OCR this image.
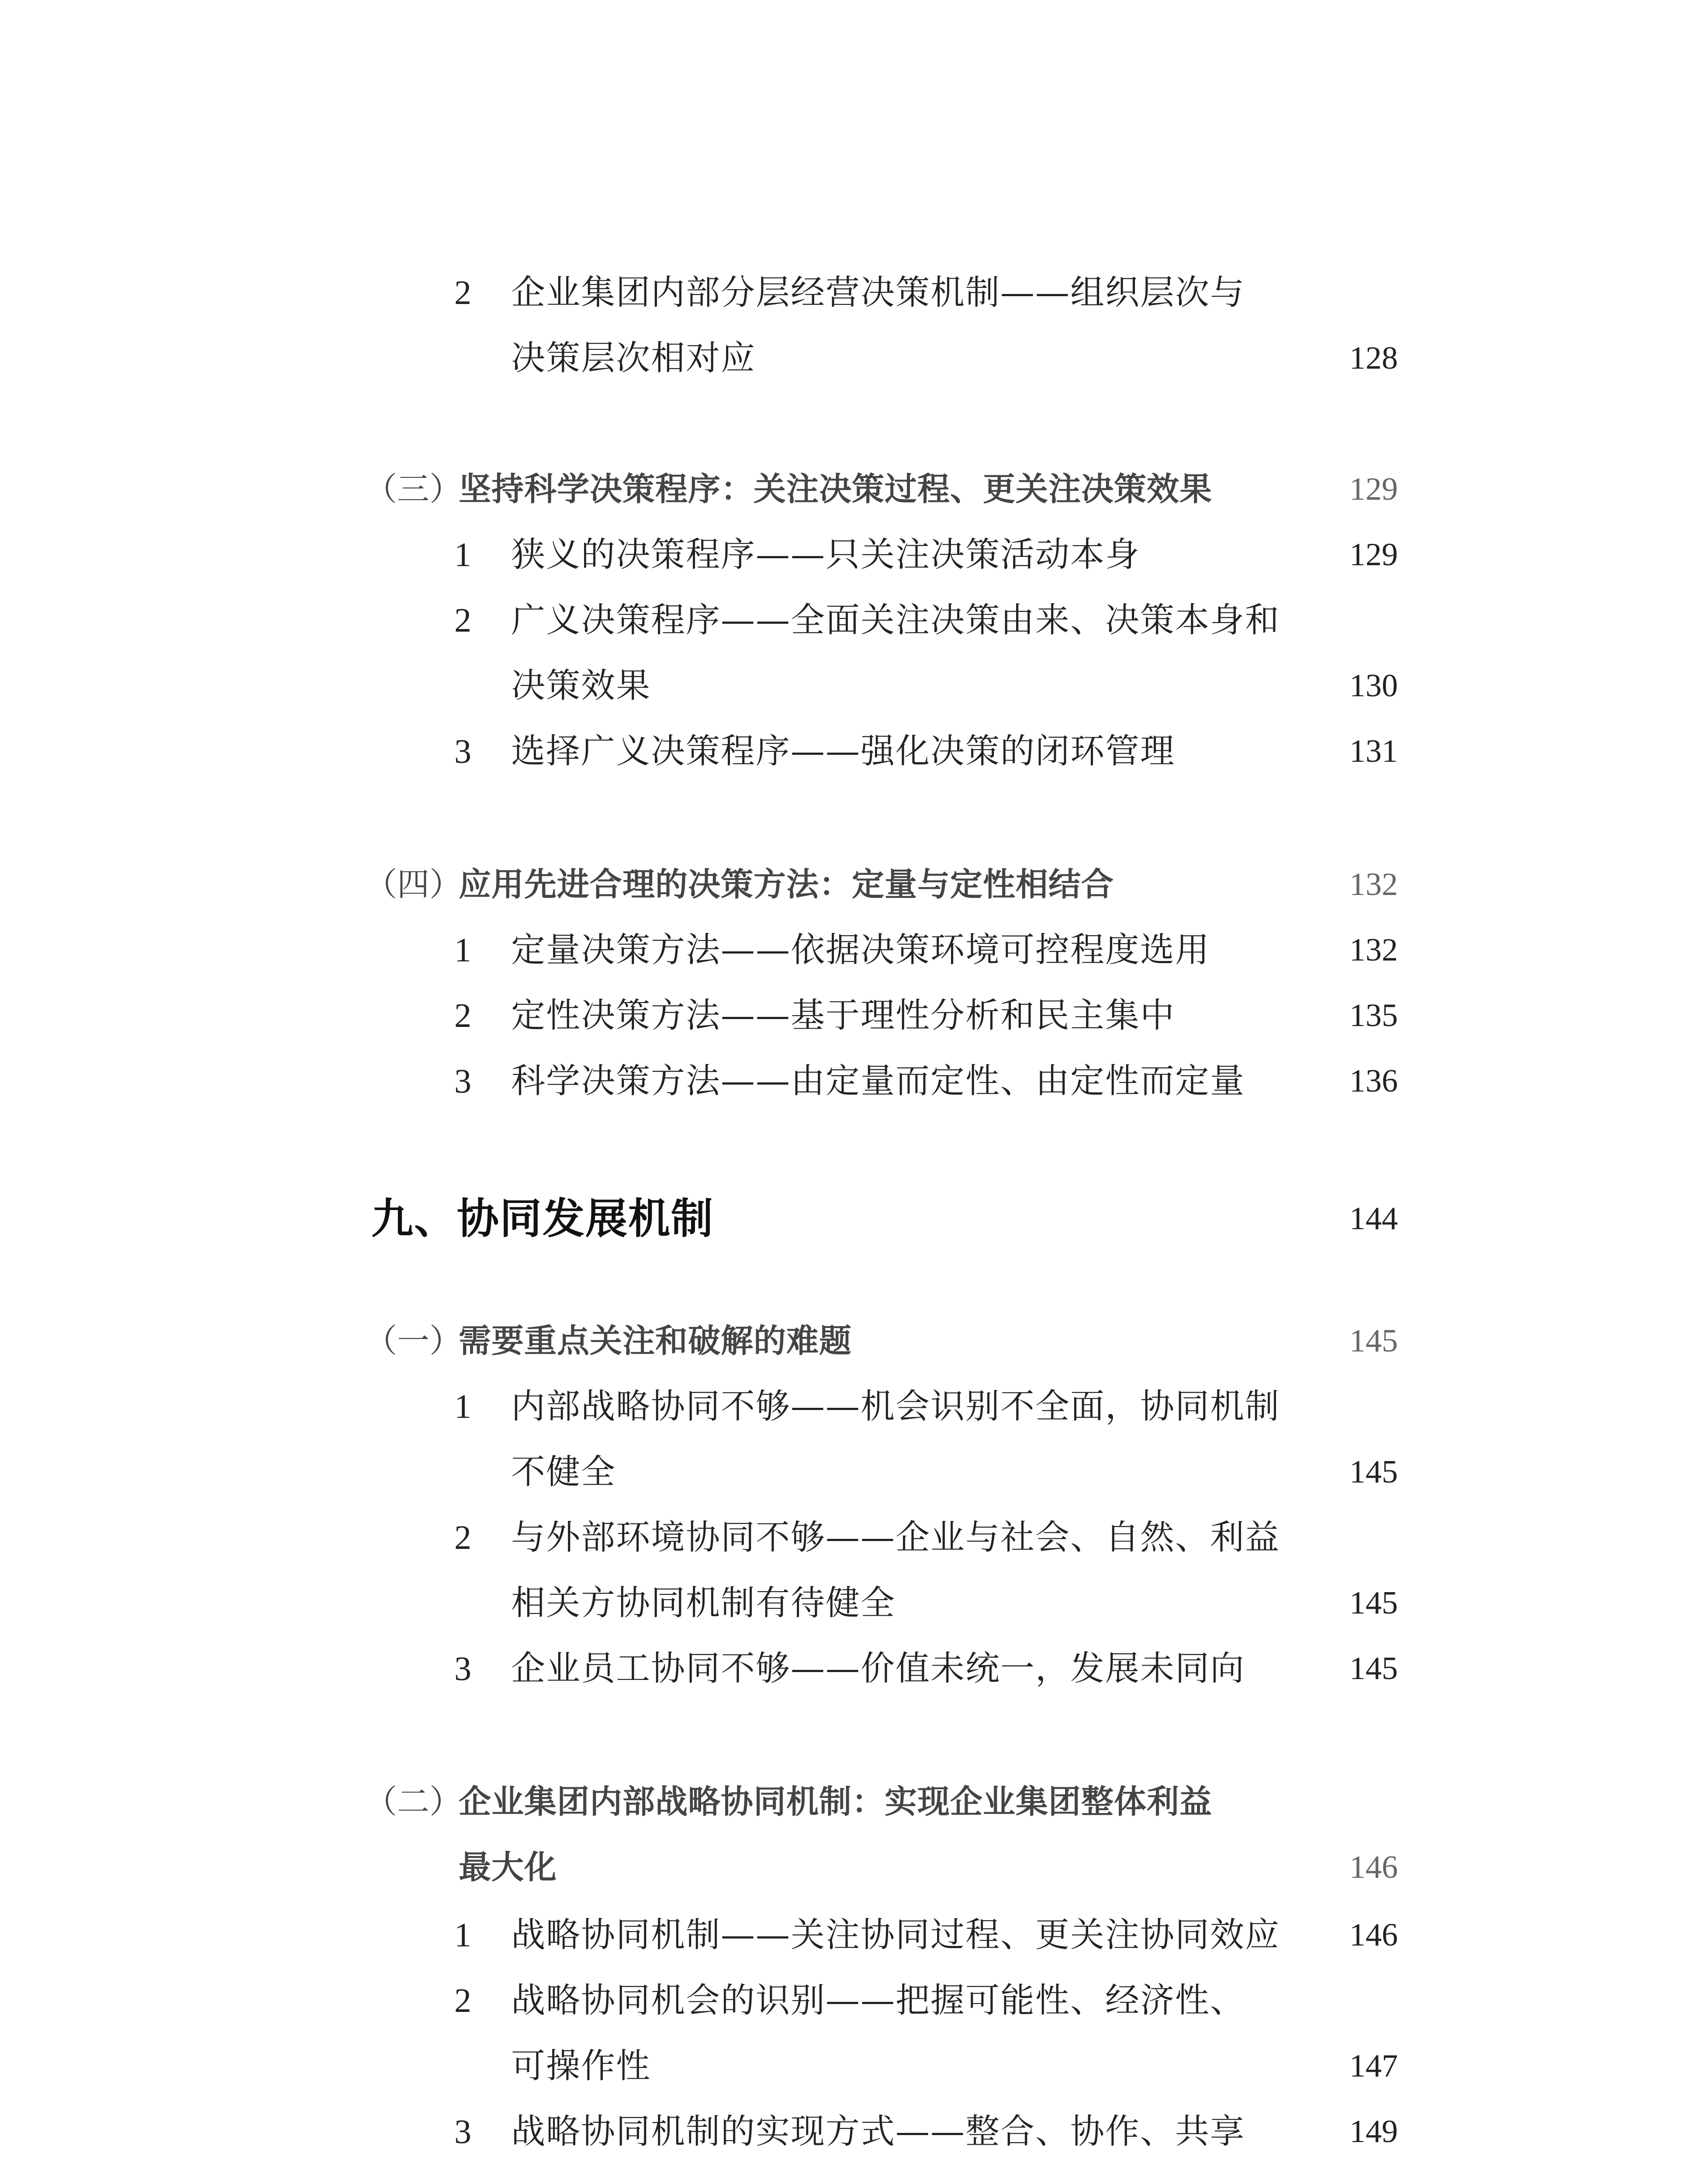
2 企业集团内部分层经营决策机制——组织层次与
决策层次相对应	128
（三）
坚持科学决策程序：关注决策过程、更关注决策效果	129
1 狭义的决策程序——只关注决策活动本身	129
2 广义决策程序——全面关注决策由来、决策本身和
决策效果	130
3 选择广义决策程序——强化决策的闭环管理	131
（四）
应用先进合理的决策方法：定量与定性相结合	132
1 定量决策方法——依据决策环境可控程度选用	132
2 定性决策方法——基于理性分析和民主集中	135
3 科学决策方法——由定量而定性、由定性而定量	136
九、协同发展机制	144
（一）
需要重点关注和破解的难题	145
1 内部战略协同不够——机会识别不全面，协同机制
不健全	145
2 与外部环境协同不够——企业与社会、自然、利益
相关方协同机制有待健全	145
3 企业员工协同不够——价值未统一，发展未同向	145
（二）
企业集团内部战略协同机制：实现企业集团整体利益
最大化	146
1 战略协同机制——关注协同过程、更关注协同效应 146
2 战略协同机会的识别——把握可能性、经济性、
可操作性	147
3 战略协同机制的实现方式——整合、协作、共享	149
